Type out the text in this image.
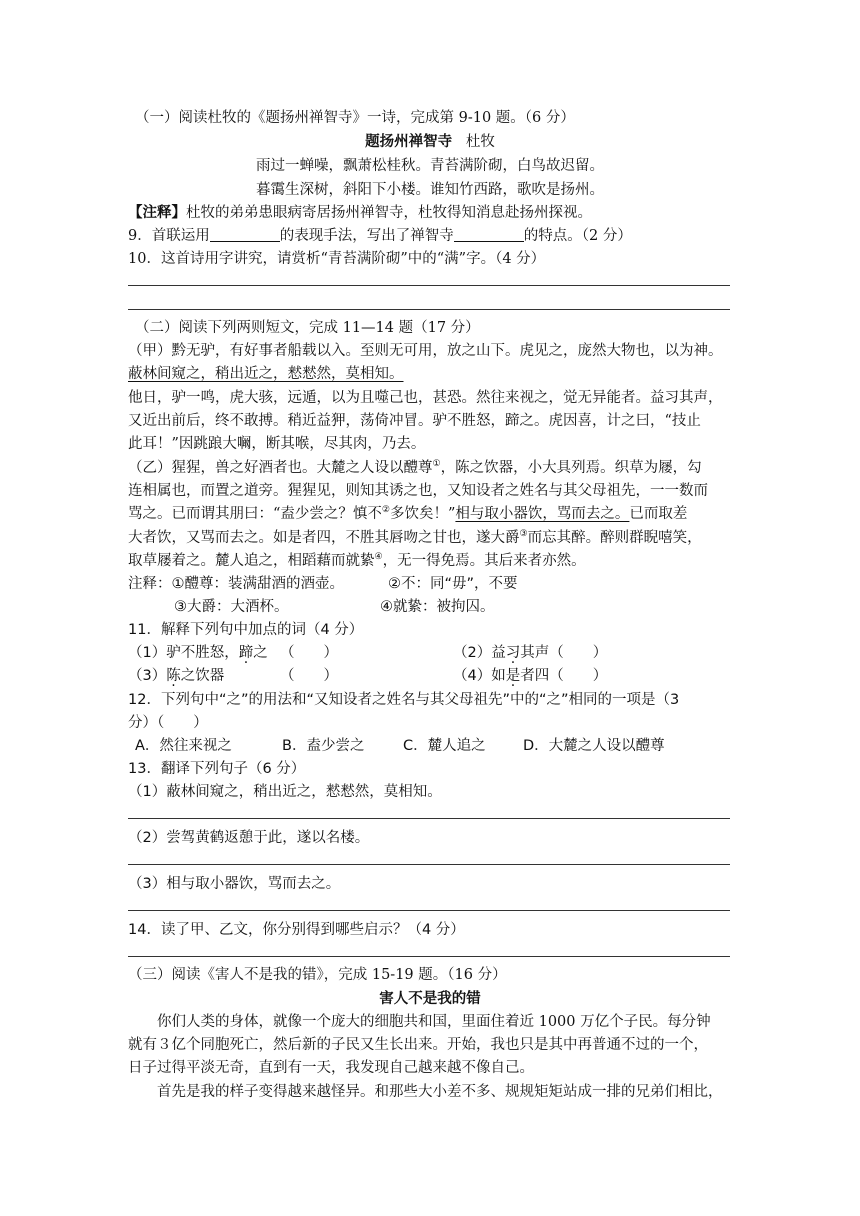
（一）阅读杜牧的《题扬州禅智寺》一诗，完成第 9-10 题。（6 分）
题扬州禅智寺 杜牧
雨过一蝉噪，飘萧松桂秋。青苔满阶砌，白鸟故迟留。
暮霭生深树，斜阳下小楼。谁知竹西路，歌吹是扬州。
【注释】杜牧的弟弟患眼病寄居扬州禅智寺，杜牧得知消息赴扬州探视。
9．首联运用	的表现手法，写出了禅智寺	的特点。（2 分）
10．这首诗用字讲究，请赏析“青苔满阶砌”中的“满”字。（4 分）
（二）阅读下列两则短文，完成 11—14 题（17 分）
（甲）黔无驴，有好事者船载以入。至则无可用，放之山下。虎见之，庞然大物也，以为神。
蔽林间窥之，稍出近之，慭慭然，莫相知。
他日，驴一鸣，虎大骇，远遁，以为且噬己也，甚恐。然往来视之，觉无异能者。益习其声，
又近出前后，终不敢搏。稍近益狎，荡倚冲冒。驴不胜怒，蹄之。虎因喜，计之曰，“技止
此耳！”因跳踉大㘎，断其喉，尽其肉，乃去。
（乙）猩猩，兽之好酒者也。大麓之人设以醴尊①，陈之饮器，小大具列焉。织草为屦，勾
连相属也，而置之道旁。猩猩见，则知其诱之也，又知设者之姓名与其父母祖先，一一数而
骂之。已而谓其朋曰：“盍少尝之？慎不②多饮矣！”相与取小器饮，骂而去之。已而取差
大者饮，又骂而去之。如是者四，不胜其唇吻之甘也，遂大爵③而忘其醉。醉则群睨嘻笑，
取草屦着之。麓人追之，相蹈藉而就絷④，无一得免焉。其后来者亦然。
注释：①醴尊：装满甜酒的酒壶。	②不：同“毋”，不要
③大爵：大酒杯。	④就絷：被拘囚。
11．解释下列句中加点的词（4 分）
（1）驴不胜怒，蹄之 （　　）	（2）益习其声（　　）
（3）陈之饮器	（　　）	（4）如是者四（　　）
12．下列句中“之”的用法和“又知设者之姓名与其父母祖先”中的“之”相同的一项是（3
分）（　　）
A．然往来视之	B．盍少尝之	C．麓人追之	D．大麓之人设以醴尊
13．翻译下列句子（6 分）
（1）蔽林间窥之，稍出近之，慭慭然，莫相知。
（2）尝驾黄鹤返憩于此，遂以名楼。
（3）相与取小器饮，骂而去之。
14．读了甲、乙文，你分别得到哪些启示？（4 分）
（三）阅读《害人不是我的错》，完成 15-19 题。（16 分）
害人不是我的错
你们人类的身体，就像一个庞大的细胞共和国，里面住着近 1000 万亿个子民。每分钟
就有３亿个同胞死亡，然后新的子民又生长出来。开始，我也只是其中再普通不过的一个，
日子过得平淡无奇，直到有一天，我发现自己越来越不像自己。
首先是我的样子变得越来越怪异。和那些大小差不多、规规矩矩站成一排的兄弟们相比，
